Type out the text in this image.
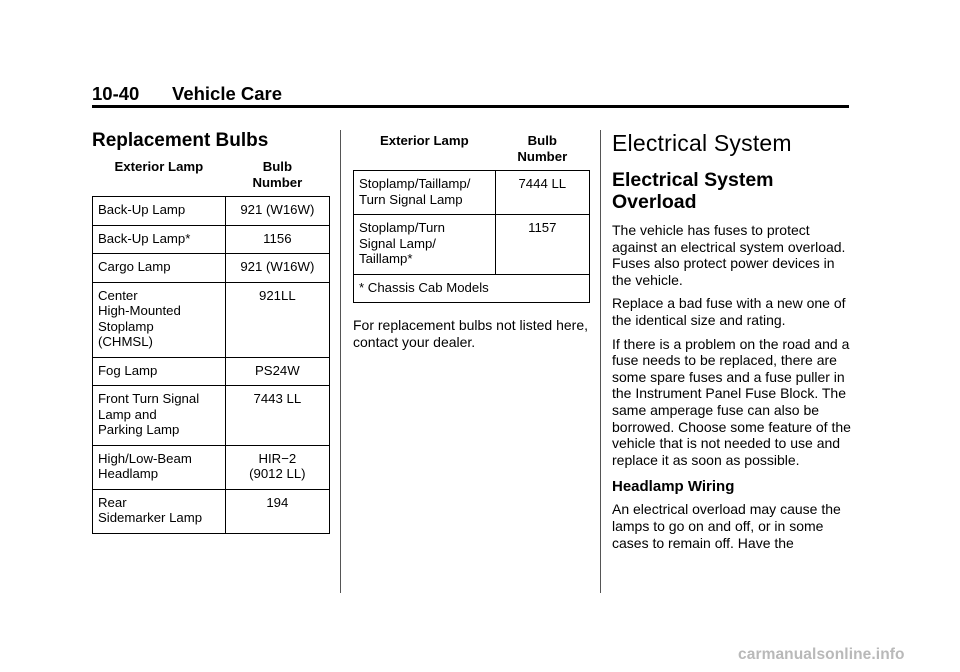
10-40 Vehicle Care
Replacement Bulbs
Exterior Lamp	Bulb
Number
Back-Up Lamp	921 (W16W)
Back-Up Lamp*	1156
Cargo Lamp	921 (W16W)
Center
High-Mounted
Stoplamp
(CHMSL)	921LL
Fog Lamp	PS24W
Front Turn Signal
Lamp and
Parking Lamp	7443 LL
High/Low-Beam
Headlamp	HIR−2
(9012 LL)
Rear
Sidemarker Lamp	194
Exterior Lamp	Bulb
Number
Stoplamp/Taillamp/
Turn Signal Lamp	7444 LL
Stoplamp/Turn
Signal Lamp/
Taillamp*	1157
* Chassis Cab Models	

For replacement bulbs not listed here, contact your dealer.

Electrical System
Electrical System Overload

The vehicle has fuses to protect against an electrical system overload. Fuses also protect power devices in the vehicle.

Replace a bad fuse with a new one of the identical size and rating.

If there is a problem on the road and a fuse needs to be replaced, there are some spare fuses and a fuse puller in the Instrument Panel Fuse Block. The same amperage fuse can also be borrowed. Choose some feature of the vehicle that is not needed to use and replace it as soon as possible.

Headlamp Wiring

An electrical overload may cause the lamps to go on and off, or in some cases to remain off. Have the

carmanualsonline.info
